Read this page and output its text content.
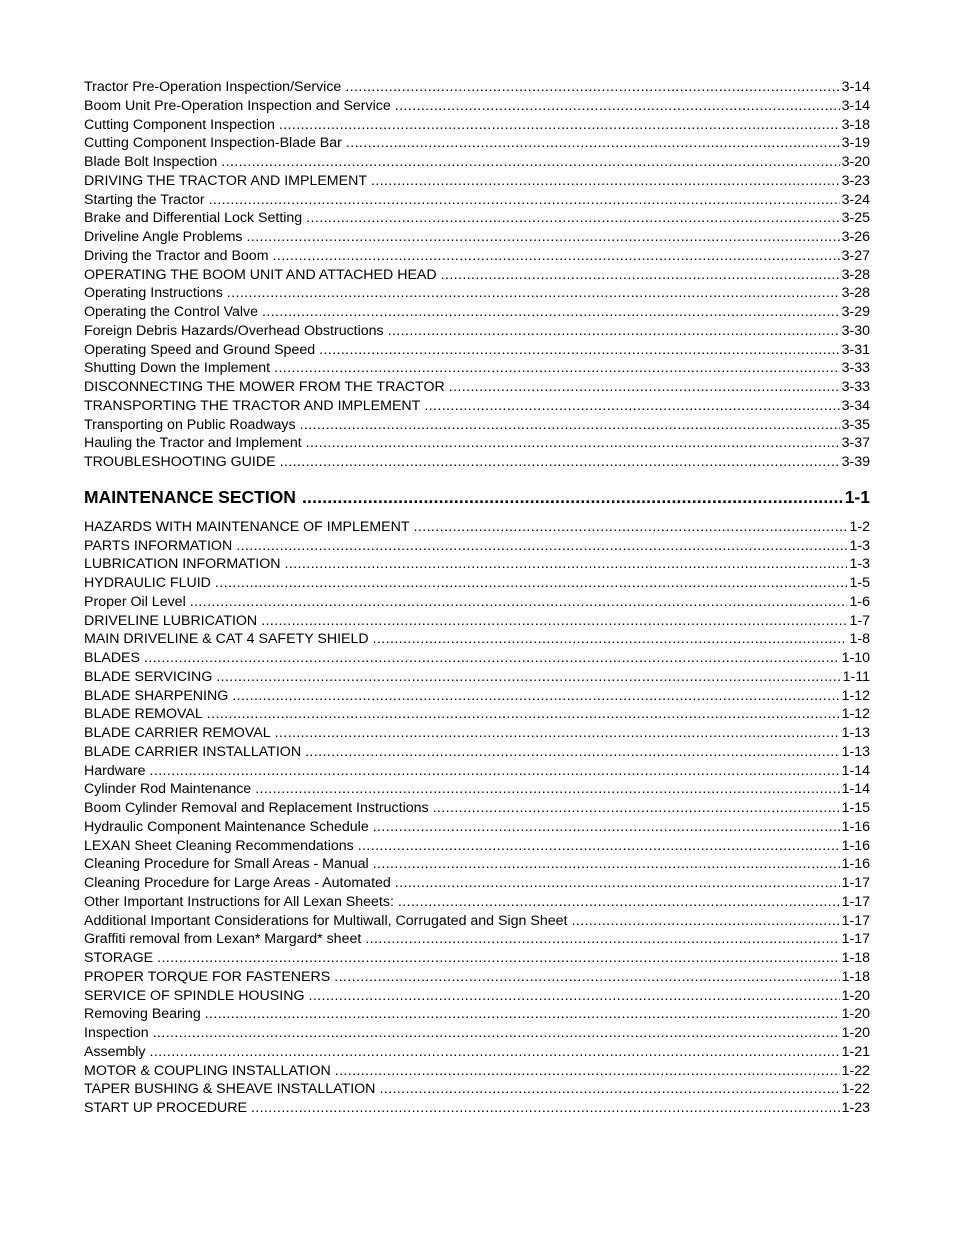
Tractor Pre-Operation Inspection/Service .....	3-14
Boom Unit Pre-Operation Inspection and Service .....	3-14
Cutting Component Inspection .....	3-18
Cutting Component Inspection-Blade Bar .....	3-19
Blade Bolt Inspection .....	3-20
DRIVING THE TRACTOR AND IMPLEMENT .....	3-23
Starting the Tractor .....	3-24
Brake and Differential Lock Setting .....	3-25
Driveline Angle Problems .....	3-26
Driving the Tractor and Boom .....	3-27
OPERATING THE BOOM UNIT AND ATTACHED HEAD .....	3-28
Operating Instructions .....	3-28
Operating the Control Valve .....	3-29
Foreign Debris Hazards/Overhead Obstructions .....	3-30
Operating Speed and Ground Speed .....	3-31
Shutting Down the Implement .....	3-33
DISCONNECTING THE MOWER FROM THE TRACTOR .....	3-33
TRANSPORTING THE TRACTOR AND IMPLEMENT .....	3-34
Transporting on Public Roadways .....	3-35
Hauling the Tractor and Implement .....	3-37
TROUBLESHOOTING GUIDE .....	3-39
MAINTENANCE SECTION .....	1-1
HAZARDS WITH MAINTENANCE OF IMPLEMENT .....	1-2
PARTS INFORMATION .....	1-3
LUBRICATION INFORMATION .....	1-3
HYDRAULIC FLUID .....	1-5
Proper Oil Level .....	1-6
DRIVELINE LUBRICATION .....	1-7
MAIN DRIVELINE & CAT 4 SAFETY SHIELD .....	1-8
BLADES .....	1-10
BLADE SERVICING .....	1-11
BLADE SHARPENING .....	1-12
BLADE REMOVAL .....	1-12
BLADE CARRIER REMOVAL .....	1-13
BLADE CARRIER INSTALLATION .....	1-13
Hardware .....	1-14
Cylinder Rod Maintenance .....	1-14
Boom Cylinder Removal and Replacement Instructions .....	1-15
Hydraulic Component Maintenance Schedule .....	1-16
LEXAN Sheet Cleaning Recommendations .....	1-16
Cleaning Procedure for Small Areas - Manual .....	1-16
Cleaning Procedure for Large Areas - Automated .....	1-17
Other Important Instructions for All Lexan Sheets: .....	1-17
Additional Important Considerations for Multiwall, Corrugated and Sign Sheet .....	1-17
Graffiti removal from Lexan* Margard* sheet .....	1-17
STORAGE .....	1-18
PROPER TORQUE FOR FASTENERS .....	1-18
SERVICE OF SPINDLE HOUSING .....	1-20
Removing Bearing .....	1-20
Inspection .....	1-20
Assembly .....	1-21
MOTOR & COUPLING INSTALLATION .....	1-22
TAPER BUSHING & SHEAVE INSTALLATION .....	1-22
START UP PROCEDURE .....	1-23
